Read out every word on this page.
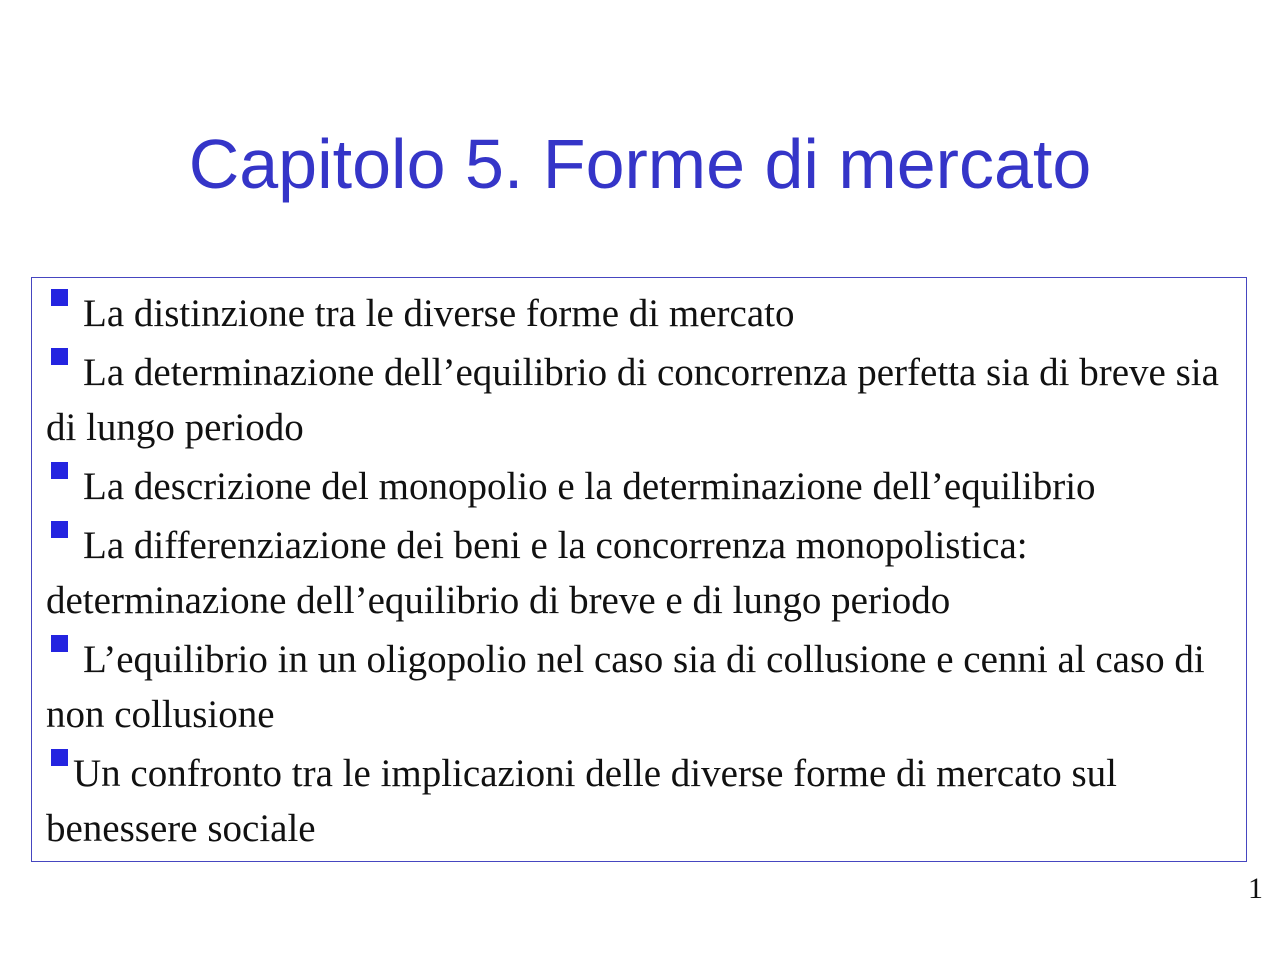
Capitolo 5. Forme di mercato
La distinzione tra le diverse forme di mercato
La determinazione dell’equilibrio di concorrenza perfetta sia di breve sia di lungo periodo
La descrizione del monopolio e la determinazione dell’equilibrio
La differenziazione dei beni e la concorrenza monopolistica: determinazione dell’equilibrio di breve e di lungo periodo
L’equilibrio in un oligopolio nel caso sia di collusione e cenni al caso di non collusione
Un confronto tra le implicazioni delle diverse forme di mercato sul benessere sociale
1
